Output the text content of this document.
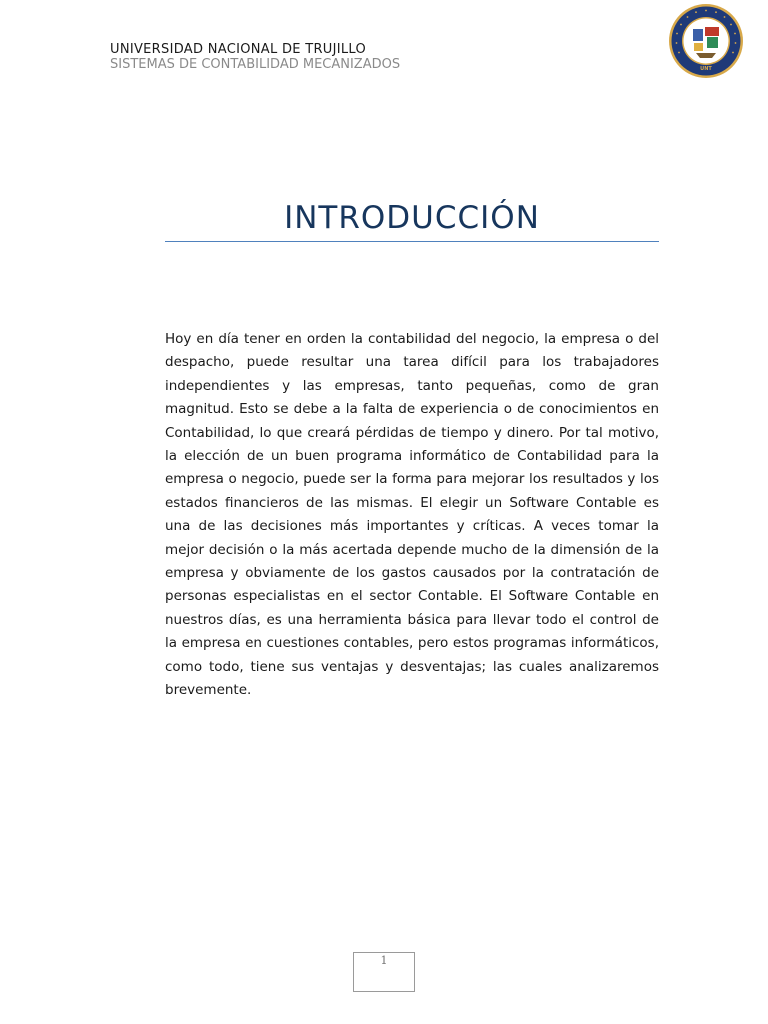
UNIVERSIDAD NACIONAL DE TRUJILLO
SISTEMAS DE CONTABILIDAD MECANIZADOS	UNT
INTRODUCCIÓN

Hoy en día tener en orden la contabilidad del negocio, la empresa o del despacho, puede resultar una tarea difícil para los trabajadores independientes y las empresas, tanto pequeñas, como de gran magnitud. Esto se debe a la falta de experiencia o de conocimientos en Contabilidad, lo que creará pérdidas de tiempo y dinero. Por tal motivo, la elección de un buen programa informático de Contabilidad para la empresa o negocio, puede ser la forma para mejorar los resultados y los estados financieros de las mismas. El elegir un Software Contable es una de las decisiones más importantes y críticas. A veces tomar la mejor decisión o la más acertada depende mucho de la dimensión de la empresa y obviamente de los gastos causados por la contratación de personas especialistas en el sector Contable. El Software Contable en nuestros días, es una herramienta básica para llevar todo el control de la empresa en cuestiones contables, pero estos programas informáticos, como todo, tiene sus ventajas y desventajas; las cuales analizaremos brevemente.

1
